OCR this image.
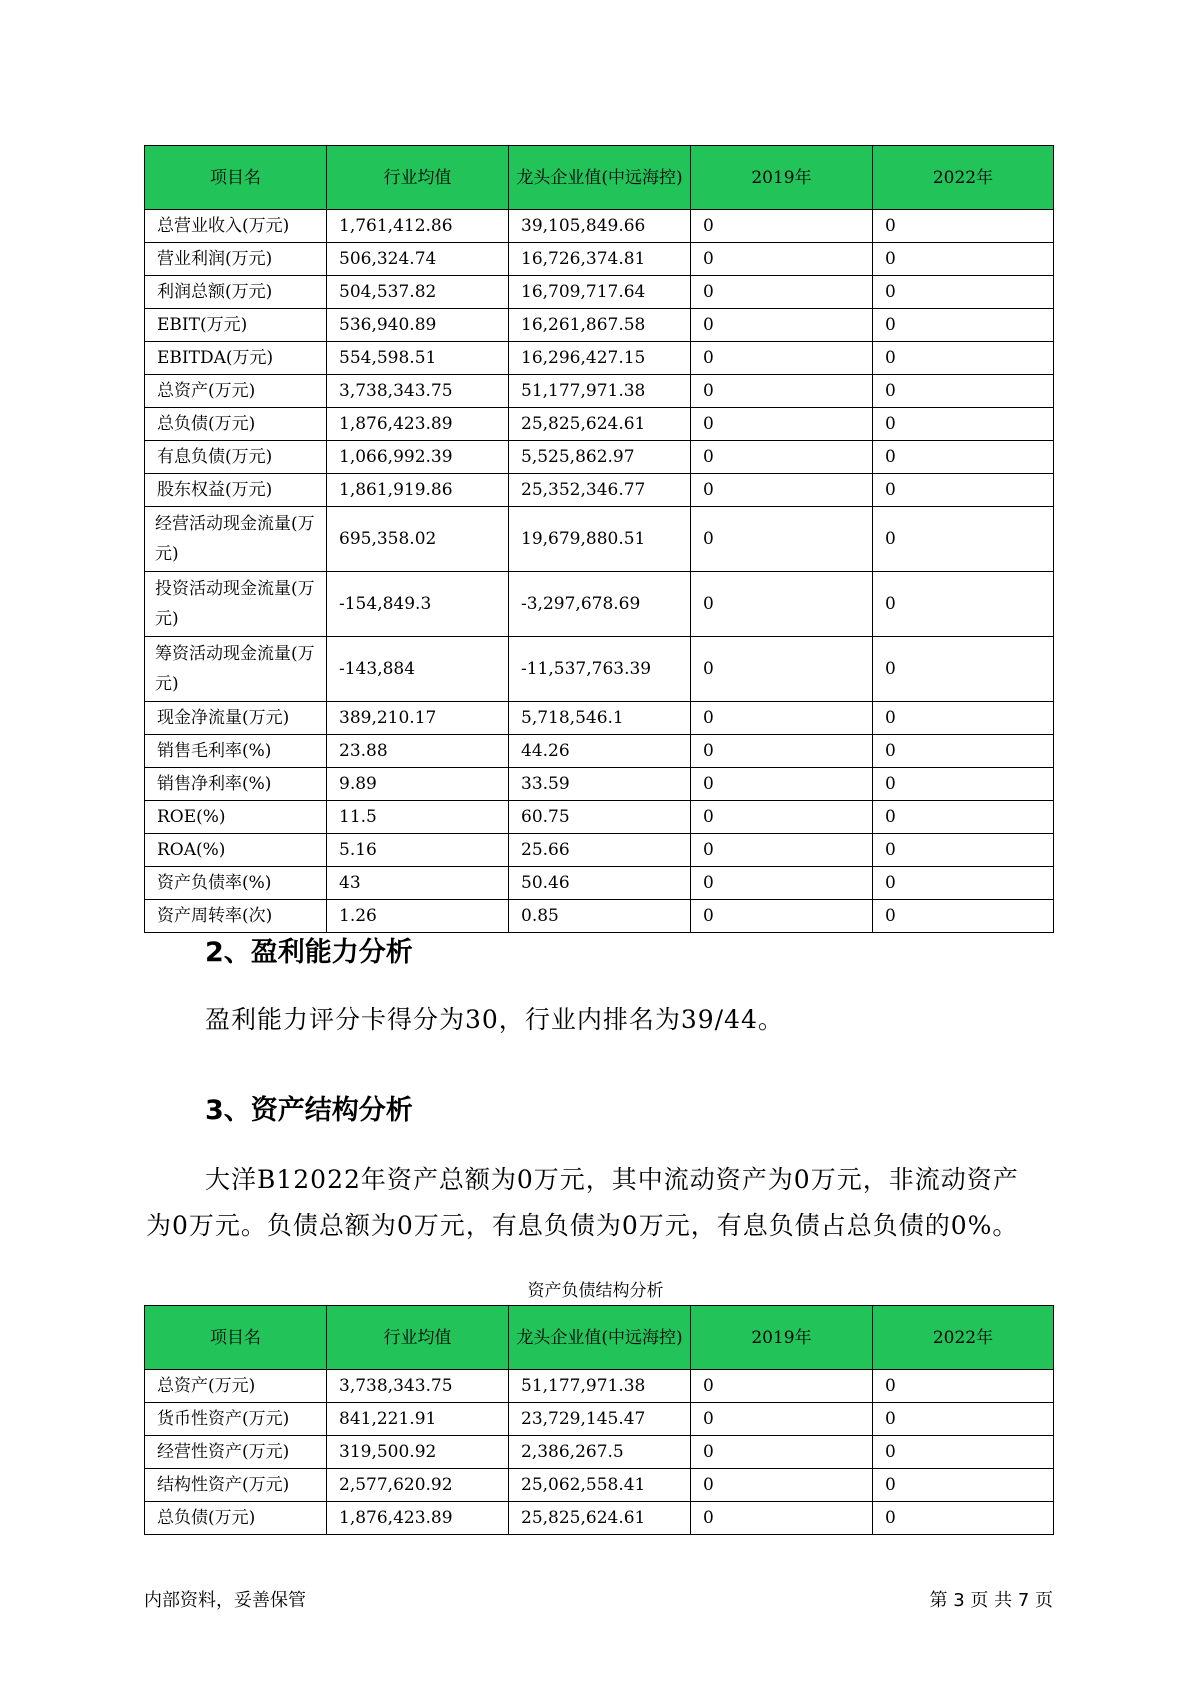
项目名	行业均值	龙头企业值(中远海控)	2019年	2022年
总营业收入(万元)	1,761,412.86	39,105,849.66	0	0
营业利润(万元)	506,324.74	16,726,374.81	0	0
利润总额(万元)	504,537.82	16,709,717.64	0	0
EBIT(万元)	536,940.89	16,261,867.58	0	0
EBITDA(万元)	554,598.51	16,296,427.15	0	0
总资产(万元)	3,738,343.75	51,177,971.38	0	0
总负债(万元)	1,876,423.89	25,825,624.61	0	0
有息负债(万元)	1,066,992.39	5,525,862.97	0	0
股东权益(万元)	1,861,919.86	25,352,346.77	0	0
经营活动现金流量(万元)	695,358.02	19,679,880.51	0	0
投资活动现金流量(万元)	-154,849.3	-3,297,678.69	0	0
筹资活动现金流量(万元)	-143,884	-11,537,763.39	0	0
现金净流量(万元)	389,210.17	5,718,546.1	0	0
销售毛利率(%)	23.88	44.26	0	0
销售净利率(%)	9.89	33.59	0	0
ROE(%)	11.5	60.75	0	0
ROA(%)	5.16	25.66	0	0
资产负债率(%)	43	50.46	0	0
资产周转率(次)	1.26	0.85	0	0
2、盈利能力分析

盈利能力评分卡得分为30，行业内排名为39/44。

3、资产结构分析

大洋B12022年资产总额为0万元，其中流动资产为0万元，非流动资产

为0万元。负债总额为0万元，有息负债为0万元，有息负债占总负债的0%。

资产负债结构分析
项目名	行业均值	龙头企业值(中远海控)	2019年	2022年
总资产(万元)	3,738,343.75	51,177,971.38	0	0
货币性资产(万元)	841,221.91	23,729,145.47	0	0
经营性资产(万元)	319,500.92	2,386,267.5	0	0
结构性资产(万元)	2,577,620.92	25,062,558.41	0	0
总负债(万元)	1,876,423.89	25,825,624.61	0	0
内部资料，妥善保管	第 3 页 共 7 页
